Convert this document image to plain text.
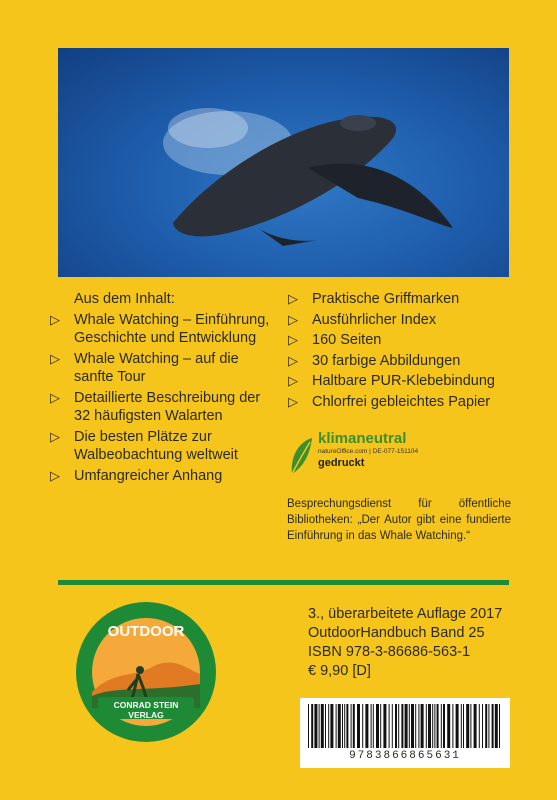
Aus dem Inhalt:
▷ Whale Watching – Einführung, Geschichte und Entwicklung
▷ Whale Watching – auf die sanfte Tour
▷ Detaillierte Beschreibung der 32 häufigsten Walarten
▷ Die besten Plätze zur Walbeobachtung weltweit
▷ Umfangreicher Anhang
▷ Praktische Griffmarken
▷ Ausführlicher Index
▷ 160 Seiten
▷ 30 farbige Abbildungen
▷ Haltbare PUR-Klebebindung
▷ Chlorfrei gebleichtes Papier
klimaneutral
natureOffice.com | DE-077-151104
gedruckt
Besprechungsdienst für öffentliche Bibliotheken: „Der Autor gibt eine fundierte Einführung in das Whale Watching.“
OUTDOOR
CONRAD STEIN
VERLAG
3., überarbeitete Auflage 2017
OutdoorHandbuch Band 25
ISBN 978-3-86686-563-1
€ 9,90 [D]
9783866865631
